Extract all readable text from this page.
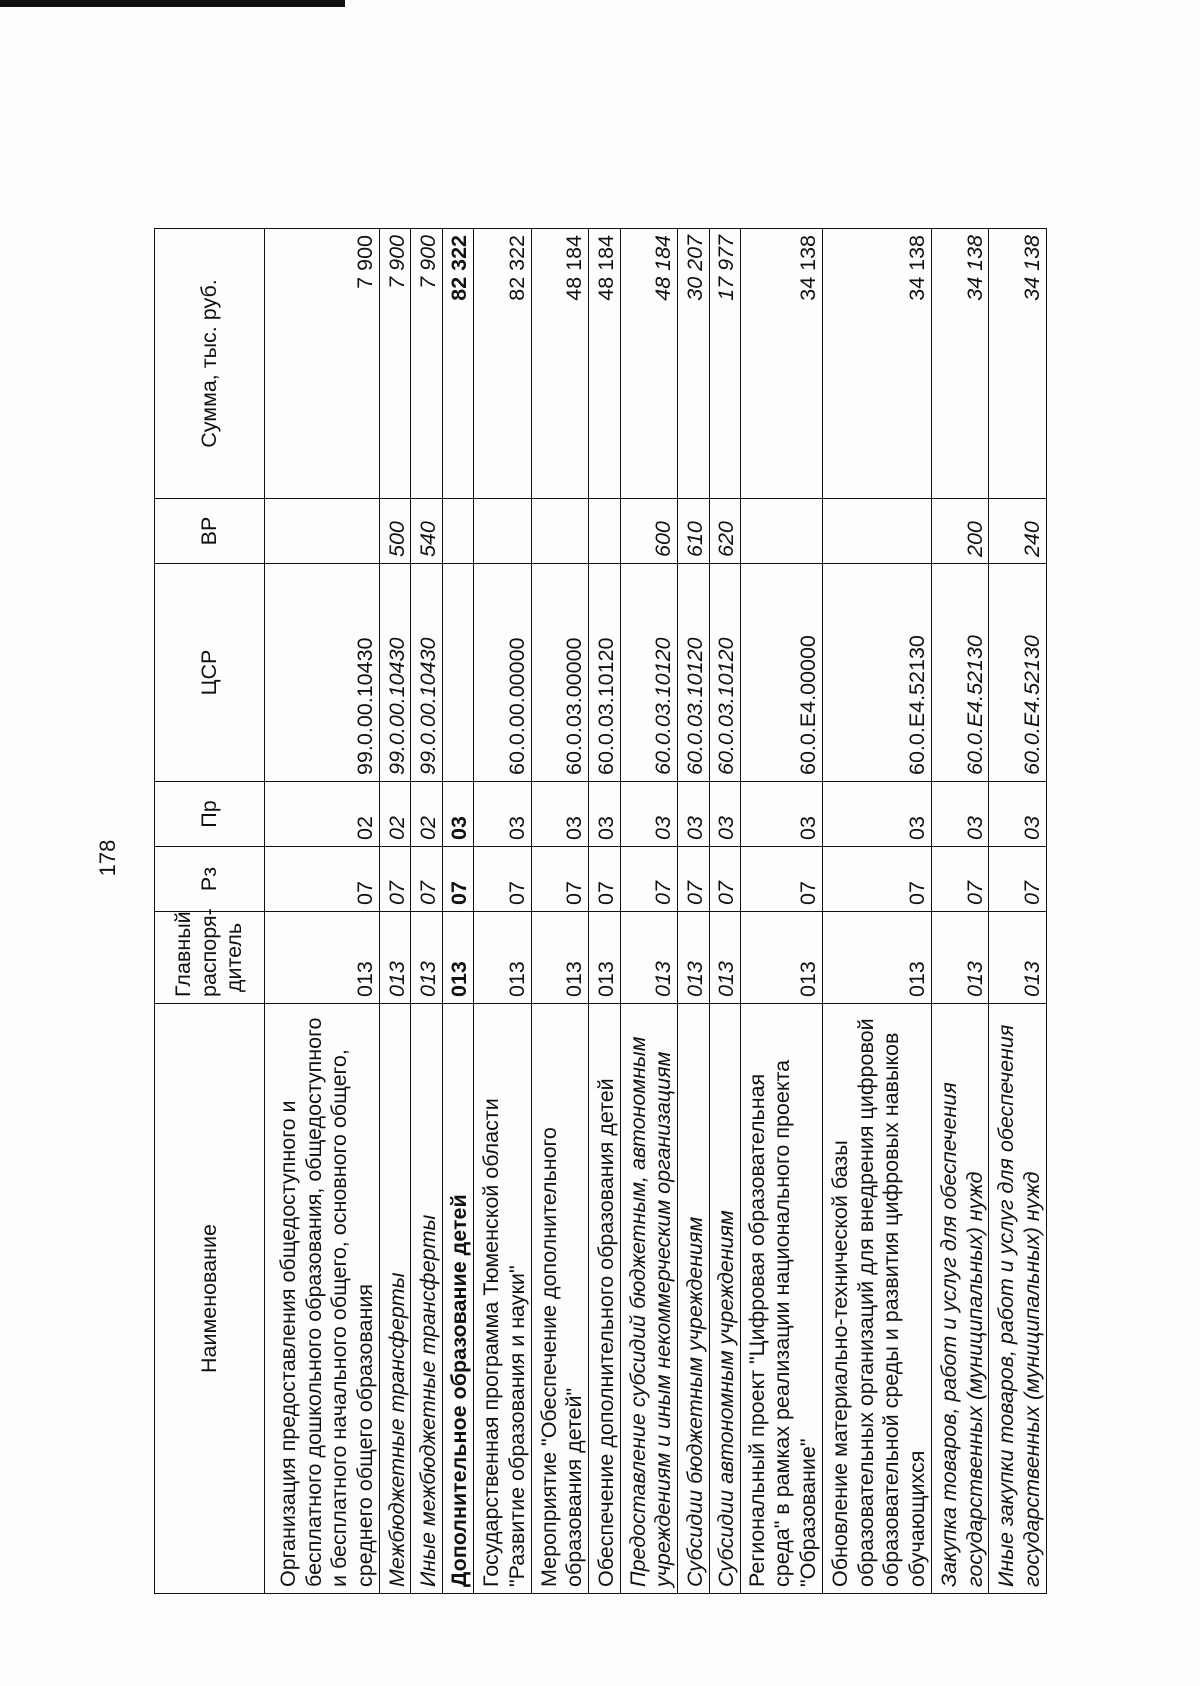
178
Наименование	Главный распоря-дитель	Рз	Пр	ЦСР	ВР	Сумма, тыс. руб.
Организация предоставления общедоступного и бесплатного дошкольного образования, общедоступного и бесплатного начального общего, основного общего, среднего общего образования	013	07	02	99.0.00.10430		7 900
Межбюджетные трансферты	013	07	02	99.0.00.10430	500	7 900
Иные межбюджетные трансферты	013	07	02	99.0.00.10430	540	7 900
Дополнительное образование детей	013	07	03			82 322
Государственная программа Тюменской области "Развитие образования и науки"	013	07	03	60.0.00.00000		82 322
Мероприятие "Обеспечение дополнительного образования детей"	013	07	03	60.0.03.00000		48 184
Обеспечение дополнительного образования детей	013	07	03	60.0.03.10120		48 184
Предоставление субсидий бюджетным, автономным учреждениям и иным некоммерческим организациям	013	07	03	60.0.03.10120	600	48 184
Субсидии бюджетным учреждениям	013	07	03	60.0.03.10120	610	30 207
Субсидии автономным учреждениям	013	07	03	60.0.03.10120	620	17 977
Региональный проект "Цифровая образовательная среда" в рамках реализации национального проекта "Образование"	013	07	03	60.0.E4.00000		34 138
Обновление материально-технической базы образовательных организаций для внедрения цифровой образовательной среды и развития цифровых навыков обучающихся	013	07	03	60.0.E4.52130		34 138
Закупка товаров, работ и услуг для обеспечения государственных (муниципальных) нужд	013	07	03	60.0.E4.52130	200	34 138
Иные закупки товаров, работ и услуг для обеспечения государственных (муниципальных) нужд	013	07	03	60.0.E4.52130	240	34 138
